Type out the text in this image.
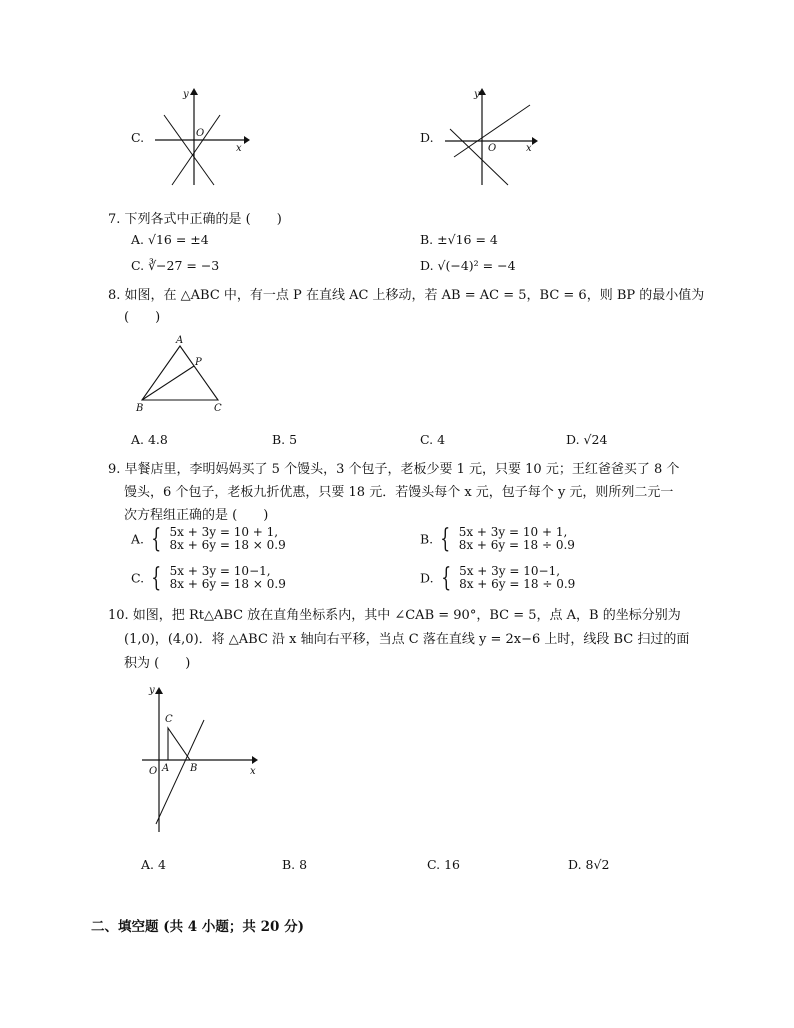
C.
y
O
x
D.
y
O	x
7. 下列各式中正确的是 (　　)
A. √16 = ±4	B. ±√16 = 4
C. ∛−27 = −3	D. √(−4)² = −4
8. 如图，在 △ABC 中，有一点 P 在直线 AC 上移动，若 AB = AC = 5，BC = 6，则 BP 的最小值为
(　　)
A
P
B	C
A. 4.8	B. 5	C. 4	D. √24
9. 早餐店里，李明妈妈买了 5 个馒头，3 个包子，老板少要 1 元，只要 10 元；王红爸爸买了 8 个
馒头，6 个包子，老板九折优惠，只要 18 元．若馒头每个 x 元，包子每个 y 元，则所列二元一
次方程组正确的是 (　　)
A. { 5x + 3y = 10 + 1,
8x + 6y = 18 × 0.9	B. { 5x + 3y = 10 + 1,
8x + 6y = 18 ÷ 0.9
C. { 5x + 3y = 10−1,
8x + 6y = 18 × 0.9	D. { 5x + 3y = 10−1,
8x + 6y = 18 ÷ 0.9
10. 如图，把 Rt△ABC 放在直角坐标系内，其中 ∠CAB = 90°，BC = 5，点 A，B 的坐标分别为
(1,0)，(4,0)．将 △ABC 沿 x 轴向右平移，当点 C 落在直线 y = 2x−6 上时，线段 BC 扫过的面
积为 (　　)
y
C
O A B	x
A. 4	B. 8	C. 16	D. 8√2
二、填空题 (共 4 小题；共 20 分)
